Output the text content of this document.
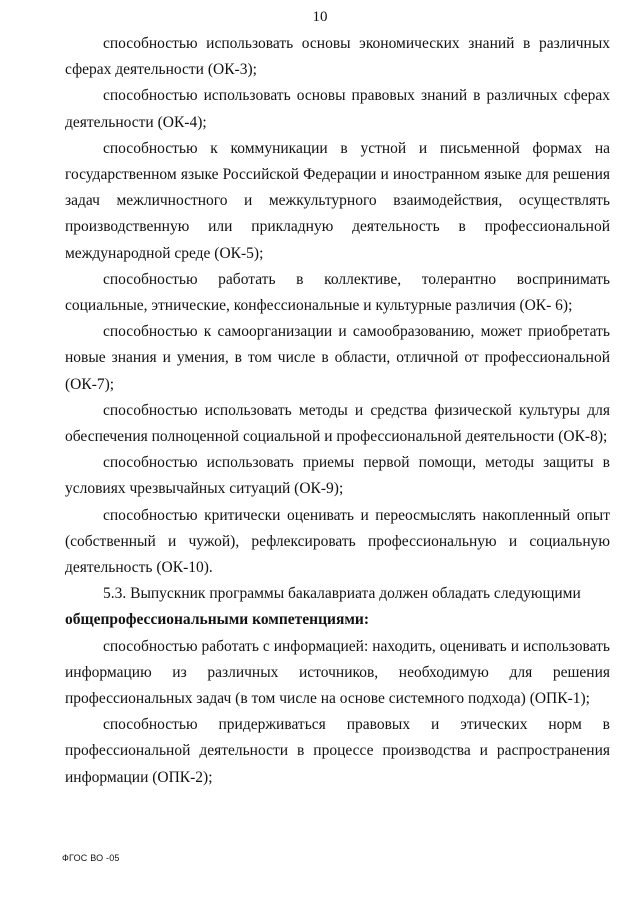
10

способностью использовать основы экономических знаний в различных сферах деятельности (ОК-3);

способностью использовать основы правовых знаний в различных сферах деятельности (ОК-4);

способностью к коммуникации в устной и письменной формах на государственном языке Российской Федерации и иностранном языке для решения задач межличностного и межкультурного взаимодействия, осуществлять производственную или прикладную деятельность в профессиональной международной среде (ОК-5);

способностью работать в коллективе, толерантно воспринимать социальные, этнические, конфессиональные и культурные различия (ОК- 6);

способностью к самоорганизации и самообразованию, может приобретать новые знания и умения, в том числе в области, отличной от профессиональной (ОК-7);

способностью использовать методы и средства физической культуры для обеспечения полноценной социальной и профессиональной деятельности (ОК-8);

способностью использовать приемы первой помощи, методы защиты в условиях чрезвычайных ситуаций (ОК-9);

способностью критически оценивать и переосмыслять накопленный опыт (собственный и чужой), рефлексировать профессиональную и социальную деятельность (ОК-10).

5.3. Выпускник программы бакалавриата должен обладать следующими

общепрофессиональными компетенциями:

способностью работать с информацией: находить, оценивать и использовать информацию из различных источников, необходимую для решения профессиональных задач (в том числе на основе системного подхода) (ОПК-1);

способностью придерживаться правовых и этических норм в профессиональной деятельности в процессе производства и распространения информации (ОПК-2);

ФГОС ВО -05
